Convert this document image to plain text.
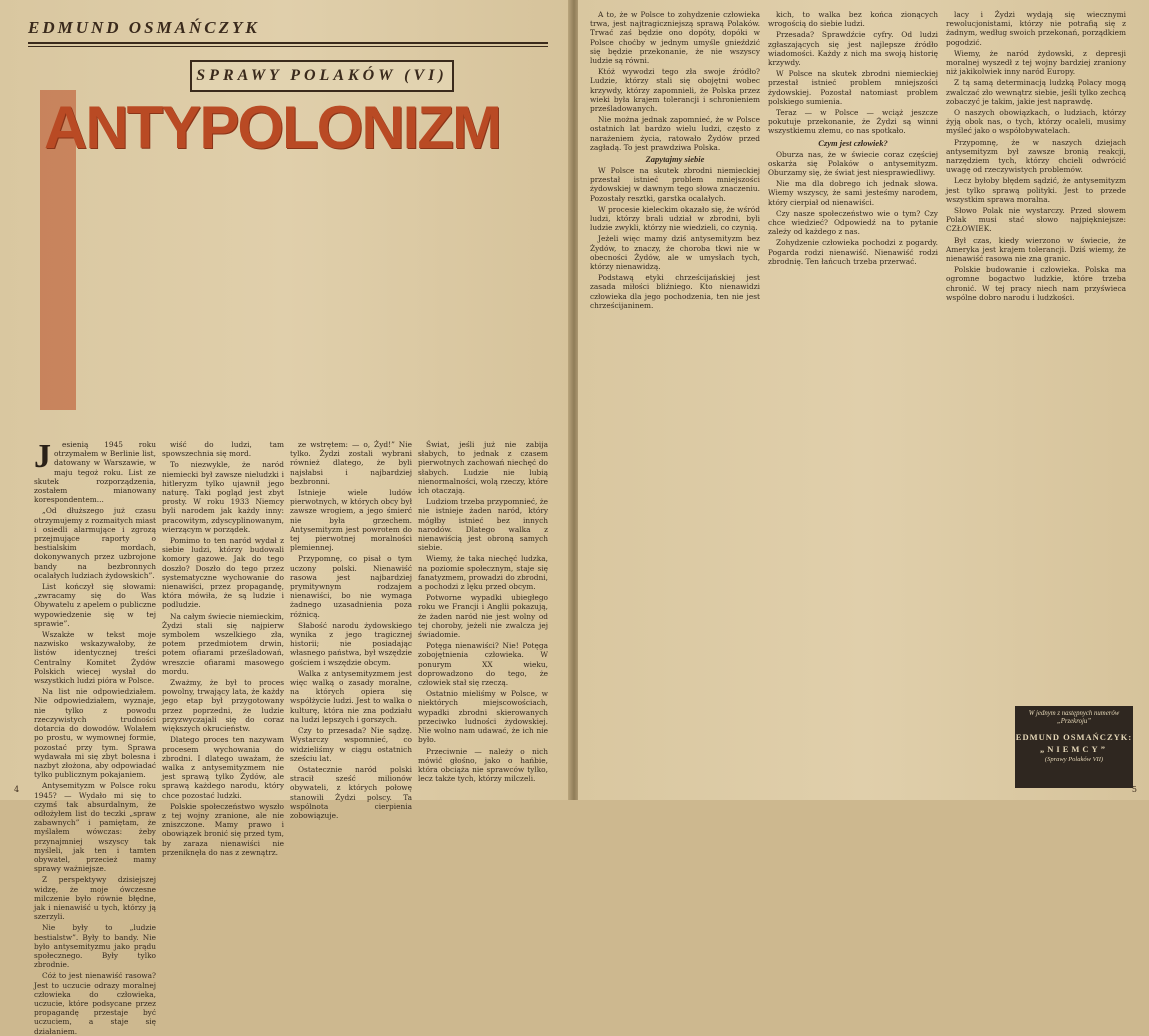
EDMUND OSMAŃCZYK
SPRAWY POLAKÓW (VI)
ANTYPOLONIZM
J	esienią 1945 roku otrzymałem w Berlinie list, datowany w Warszawie, w maju tegoż roku. List ze skutek rozporządzenia, zostałem mianowany korespondentem...

„Od dłuższego już czasu otrzymujemy z rozmaitych miast i osiedli alarmujące i zgrozą przejmujące raporty o bestialskim mordach, dokonywanych przez uzbrojone bandy na bezbronnych ocalałych ludziach żydowskich”.

List kończył się słowami: „zwracamy się do Was Obywatelu z apelem o publiczne wypowiedzenie się w tej sprawie”.

Wszakże w tekst moje nazwisko wskazywałoby, że listów identycznej treści Centralny Komitet Żydów Polskich wiecej wysłał do wszystkich ludzi pióra w Polsce.

Na list nie odpowiedziałem. Nie odpowiedziałem, wyznaje, nie tylko z powodu rzeczywistych trudności dotarcia do dowodów. Wolałem po prostu, w wymownej formie, pozostać przy tym. Sprawa wydawała mi się zbyt bolesna i nazbyt złożona, aby odpowiadać tylko publicznym pokajaniem.

Antysemityzm w Polsce roku 1945? — Wydało mi się to czymś tak absurdalnym, że odłożyłem list do teczki „spraw zabawnych” i pamiętam, że myślałem wówczas: żeby przynajmniej wszyscy tak myśleli, jak ten i tamten obywatel, przecież mamy sprawy ważniejsze.

Z perspektywy dzisiejszej widzę, że moje ówczesne milczenie było równie błędne, jak i nienawiść u tych, którzy ją szerzyli.

Nie były to „ludzie bestialstw”. Były to bandy. Nie było antysemityzmu jako prądu społecznego. Były tylko zbrodnie.

Cóż to jest nienawiść rasowa? Jest to uczucie odrazy moralnej człowieka do człowieka, uczucie, które podsycane przez propagandę przestaje być uczuciem, a staje się działaniem.

wiść do ludzi, tam spowszechnia się mord.

To niezwykle, że naród niemiecki był zawsze nieludzki i hitleryzm tylko ujawnił jego naturę. Taki pogląd jest zbyt prosty. W roku 1933 Niemcy byli narodem jak każdy inny: pracowitym, zdyscyplinowanym, wierzącym w porządek.

Pomimo to ten naród wydał z siebie ludzi, którzy budowali komory gazowe. Jak do tego doszło? Doszło do tego przez systematyczne wychowanie do nienawiści, przez propagandę, która mówiła, że są ludzie i podludzie.

Na całym świecie niemieckim, Żydzi stali się najpierw symbolem wszelkiego zła, potem przedmiotem drwin, potem ofiarami prześladowań, wreszcie ofiarami masowego mordu.

Zważmy, że był to proces powolny, trwający lata, że każdy jego etap był przygotowany przez poprzedni, że ludzie przyzwyczajali się do coraz większych okrucieństw.

Dlatego proces ten nazywam procesem wychowania do zbrodni. I dlatego uważam, że walka z antysemityzmem nie jest sprawą tylko Żydów, ale sprawą każdego narodu, który chce pozostać ludzki.

Polskie społeczeństwo wyszło z tej wojny zranione, ale nie zniszczone. Mamy prawo i obowiązek bronić się przed tym, by zaraza nienawiści nie przeniknęła do nas z zewnątrz.

ze wstrętem: — o, Żyd!” Nie tylko. Żydzi zostali wybrani również dlatego, że byli najsłabsi i najbardziej bezbronni.

Istnieje wiele ludów pierwotnych, w których obcy był zawsze wrogiem, a jego śmierć nie była grzechem. Antysemityzm jest powrotem do tej pierwotnej moralności plemiennej.

Przypomnę, co pisał o tym uczony polski. Nienawiść rasowa jest najbardziej prymitywnym rodzajem nienawiści, bo nie wymaga żadnego uzasadnienia poza różnicą.

Słabość narodu żydowskiego wynika z jego tragicznej historii; nie posiadając własnego państwa, był wszędzie gościem i wszędzie obcym.

Walka z antysemityzmem jest więc walką o zasady moralne, na których opiera się współżycie ludzi. Jest to walka o kulturę, która nie zna podziału na ludzi lepszych i gorszych.

Czy to przesada? Nie sądzę. Wystarczy wspomnieć, co widzieliśmy w ciągu ostatnich sześciu lat.

Ostatecznie naród polski stracił sześć milionów obywateli, z których połowę stanowili Żydzi polscy. Ta wspólnota cierpienia zobowiązuje.

Świat, jeśli już nie zabija słabych, to jednak z czasem pierwotnych zachowań niechęć do słabych. Ludzie nie lubią nienormalności, wolą rzeczy, które ich otaczają.

Ludziom trzeba przypomnieć, że nie istnieje żaden naród, który mógłby istnieć bez innych narodów. Dlatego walka z nienawiścią jest obroną samych siebie.

Wiemy, że taka niechęć ludzka, na poziomie społecznym, staje się fanatyzmem, prowadzi do zbrodni, a pochodzi z lęku przed obcym.

Potworne wypadki ubiegłego roku we Francji i Anglii pokazują, że żaden naród nie jest wolny od tej choroby, jeżeli nie zwalcza jej świadomie.

Potęga nienawiści? Nie! Potęga zobojętnienia człowieka. W ponurym XX wieku, doprowadzono do tego, że człowiek stał się rzeczą.

Ostatnio mieliśmy w Polsce, w niektórych miejscowościach, wypadki zbrodni skierowanych przeciwko ludności żydowskiej. Nie wolno nam udawać, że ich nie było.

Przeciwnie — należy o nich mówić głośno, jako o hańbie, która obciąża nie sprawców tylko, lecz także tych, którzy milczeli.

4

A to, że w Polsce to zohydzenie człowieka trwa, jest najtragiczniejszą sprawą Polaków. Trwać zaś będzie ono dopóty, dopóki w Polsce choćby w jednym umyśle gnieździć się będzie przekonanie, że nie wszyscy ludzie są równi.

Któż wywodzi tego zła swoje źródło? Ludzie, którzy stali się obojętni wobec krzywdy, którzy zapomnieli, że Polska przez wieki była krajem tolerancji i schronieniem prześladowanych.

Nie można jednak zapomnieć, że w Polsce ostatnich lat bardzo wielu ludzi, często z narażeniem życia, ratowało Żydów przed zagładą. To jest prawdziwa Polska.

Zapytajmy siebie

W Polsce na skutek zbrodni niemieckiej przestał istnieć problem mniejszości żydowskiej w dawnym tego słowa znaczeniu. Pozostały resztki, garstka ocalałych.

W procesie kieleckim okazało się, że wśród ludzi, którzy brali udział w zbrodni, byli ludzie zwykli, którzy nie wiedzieli, co czynią.

Jeżeli więc mamy dziś antysemityzm bez Żydów, to znaczy, że choroba tkwi nie w obecności Żydów, ale w umysłach tych, którzy nienawidzą.

Podstawą etyki chrześcijańskiej jest zasada miłości bliźniego. Kto nienawidzi człowieka dla jego pochodzenia, ten nie jest chrześcijaninem.

kich, to walka bez końca zionących wrogością do siebie ludzi.

Przesada? Sprawdźcie cyfry. Od ludzi zgłaszających się jest najlepsze źródło wiadomości. Każdy z nich ma swoją historię krzywdy.

W Polsce na skutek zbrodni niemieckiej przestał istnieć problem mniejszości żydowskiej. Pozostał natomiast problem polskiego sumienia.

Teraz — w Polsce — wciąż jeszcze pokutuje przekonanie, że Żydzi są winni wszystkiemu złemu, co nas spotkało.

Czym jest człowiek?

Oburza nas, że w świecie coraz częściej oskarża się Polaków o antysemityzm. Oburzamy się, że świat jest niesprawiedliwy.

Nie ma dla dobrego ich jednak słowa. Wiemy wszyscy, że sami jesteśmy narodem, który cierpiał od nienawiści.

Czy nasze społeczeństwo wie o tym? Czy chce wiedzieć? Odpowiedź na to pytanie zależy od każdego z nas.

Zohydzenie człowieka pochodzi z pogardy. Pogarda rodzi nienawiść. Nienawiść rodzi zbrodnię. Ten łańcuch trzeba przerwać.

lacy i Żydzi wydają się wiecznymi rewolucjonistami, którzy nie potrafią się z żadnym, według swoich przekonań, porządkiem pogodzić.

Wiemy, że naród żydowski, z depresji moralnej wyszedł z tej wojny bardziej zraniony niż jakikolwiek inny naród Europy.

Z tą samą determinacją ludzką Polacy mogą zwalczać zło wewnątrz siebie, jeśli tylko zechcą zobaczyć je takim, jakie jest naprawdę.

O naszych obowiązkach, o ludziach, którzy żyją obok nas, o tych, którzy ocaleli, musimy myśleć jako o współobywatelach.

Przypomnę, że w naszych dziejach antysemityzm był zawsze bronią reakcji, narzędziem tych, którzy chcieli odwrócić uwagę od rzeczywistych problemów.

Lecz byłoby błędem sądzić, że antysemityzm jest tylko sprawą polityki. Jest to przede wszystkim sprawa moralna.

Słowo Polak nie wystarczy. Przed słowem Polak musi stać słowo najpiękniejsze: CZŁOWIEK.

Był czas, kiedy wierzono w świecie, że Ameryka jest krajem tolerancji. Dziś wiemy, że nienawiść rasowa nie zna granic.

Polskie budowanie i człowieka. Polska ma ogromne bogactwo ludzkie, które trzeba chronić. W tej pracy niech nam przyświeca wspólne dobro narodu i ludzkości.

W jednym z następnych numerów „Przekroju”
EDMUND OSMAŃCZYK:
„NIEMCY”
(Sprawy Polaków VII)
5
